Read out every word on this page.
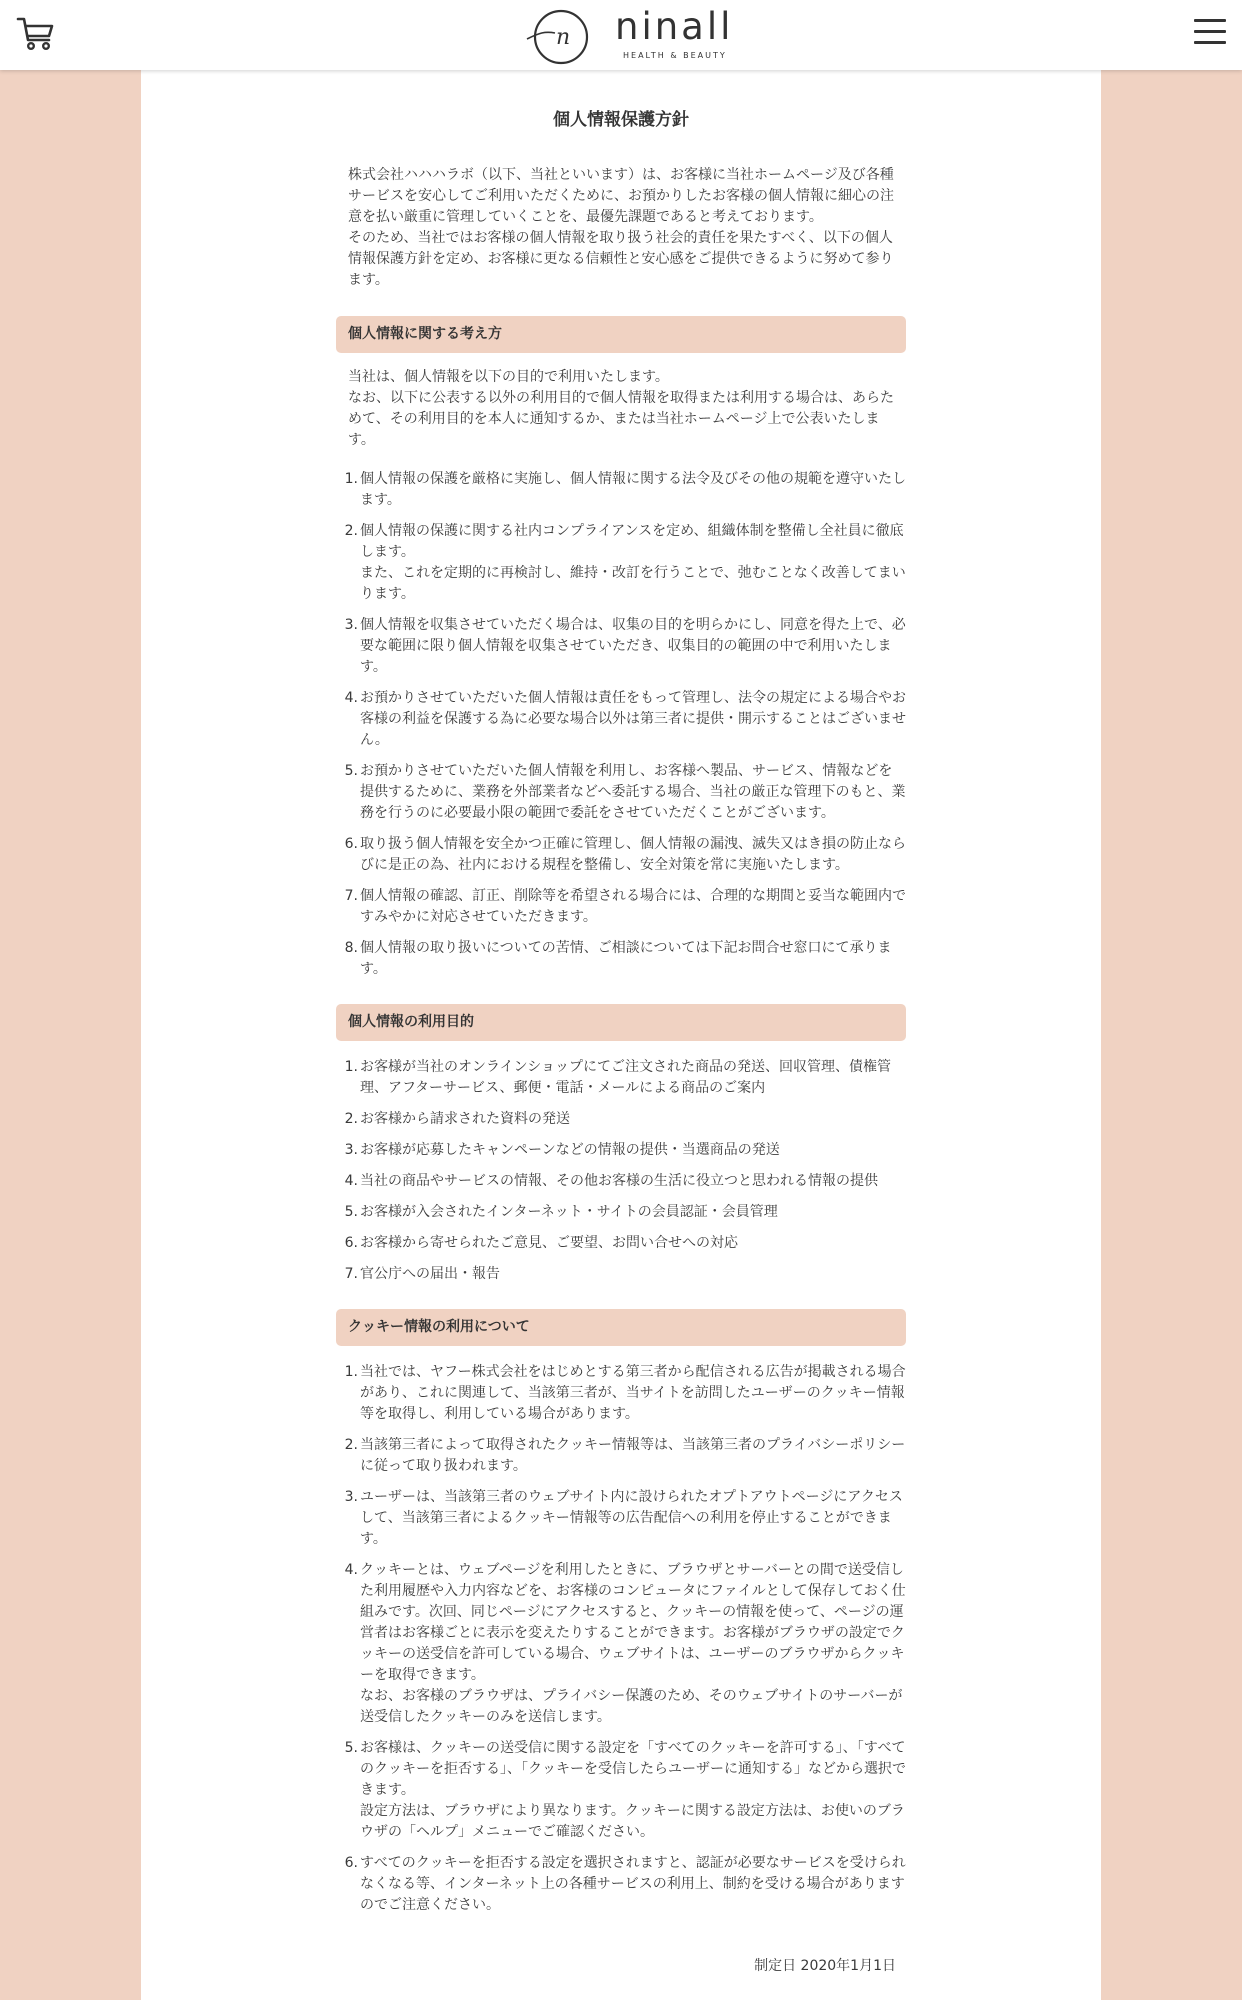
n ninall
HEALTH & BEAUTY
個人情報保護方針

株式会社ハハハラボ（以下、当社といいます）は、お客様に当社ホームページ及び各種サービスを安心してご利用いただくために、お預かりしたお客様の個人情報に細心の注意を払い厳重に管理していくことを、最優先課題であると考えております。

そのため、当社ではお客様の個人情報を取り扱う社会的責任を果たすべく、以下の個人情報保護方針を定め、お客様に更なる信頼性と安心感をご提供できるように努めて参ります。

個人情報に関する考え方

当社は、個人情報を以下の目的で利用いたします。

なお、以下に公表する以外の利用目的で個人情報を取得または利用する場合は、あらためて、その利用目的を本人に通知するか、または当社ホームページ上で公表いたします。

1. 個人情報の保護を厳格に実施し、個人情報に関する法令及びその他の規範を遵守いたします。

2. 個人情報の保護に関する社内コンプライアンスを定め、組織体制を整備し全社員に徹底します。

また、これを定期的に再検討し、維持・改訂を行うことで、弛むことなく改善してまいります。

3. 個人情報を収集させていただく場合は、収集の目的を明らかにし、同意を得た上で、必要な範囲に限り個人情報を収集させていただき、収集目的の範囲の中で利用いたします。

4. お預かりさせていただいた個人情報は責任をもって管理し、法令の規定による場合やお客様の利益を保護する為に必要な場合以外は第三者に提供・開示することはございません。

5. お預かりさせていただいた個人情報を利用し、お客様へ製品、サービス、情報などを提供するために、業務を外部業者などへ委託する場合、当社の厳正な管理下のもと、業務を行うのに必要最小限の範囲で委託をさせていただくことがございます。

6. 取り扱う個人情報を安全かつ正確に管理し、個人情報の漏洩、滅失又はき損の防止ならびに是正の為、社内における規程を整備し、安全対策を常に実施いたします。

7. 個人情報の確認、訂正、削除等を希望される場合には、合理的な期間と妥当な範囲内ですみやかに対応させていただきます。

8. 個人情報の取り扱いについての苦情、ご相談については下記お問合せ窓口にて承ります。

個人情報の利用目的
1. お客様が当社のオンラインショップにてご注文された商品の発送、回収管理、債権管理、アフターサービス、郵便・電話・メールによる商品のご案内

2. お客様から請求された資料の発送

3. お客様が応募したキャンペーンなどの情報の提供・当選商品の発送

4. 当社の商品やサービスの情報、その他お客様の生活に役立つと思われる情報の提供

5. お客様が入会されたインターネット・サイトの会員認証・会員管理

6. お客様から寄せられたご意見、ご要望、お問い合せへの対応

7. 官公庁への届出・報告

クッキー情報の利用について
1. 当社では、ヤフー株式会社をはじめとする第三者から配信される広告が掲載される場合があり、これに関連して、当該第三者が、当サイトを訪問したユーザーのクッキー情報等を取得し、利用している場合があります。

2. 当該第三者によって取得されたクッキー情報等は、当該第三者のプライバシーポリシーに従って取り扱われます。

3. ユーザーは、当該第三者のウェブサイト内に設けられたオプトアウトページにアクセスして、当該第三者によるクッキー情報等の広告配信への利用を停止することができます。

4. クッキーとは、ウェブページを利用したときに、ブラウザとサーバーとの間で送受信した利用履歴や入力内容などを、お客様のコンピュータにファイルとして保存しておく仕組みです。次回、同じページにアクセスすると、クッキーの情報を使って、ページの運営者はお客様ごとに表示を変えたりすることができます。お客様がブラウザの設定でクッキーの送受信を許可している場合、ウェブサイトは、ユーザーのブラウザからクッキーを取得できます。

なお、お客様のブラウザは、プライバシー保護のため、そのウェブサイトのサーバーが送受信したクッキーのみを送信します。

5. お客様は、クッキーの送受信に関する設定を「すべてのクッキーを許可する」、「すべてのクッキーを拒否する」、「クッキーを受信したらユーザーに通知する」などから選択できます。

設定方法は、ブラウザにより異なります。クッキーに関する設定方法は、お使いのブラウザの「ヘルプ」メニューでご確認ください。

6. すべてのクッキーを拒否する設定を選択されますと、認証が必要なサービスを受けられなくなる等、インターネット上の各種サービスの利用上、制約を受ける場合がありますのでご注意ください。

制定日 2020年1月1日
